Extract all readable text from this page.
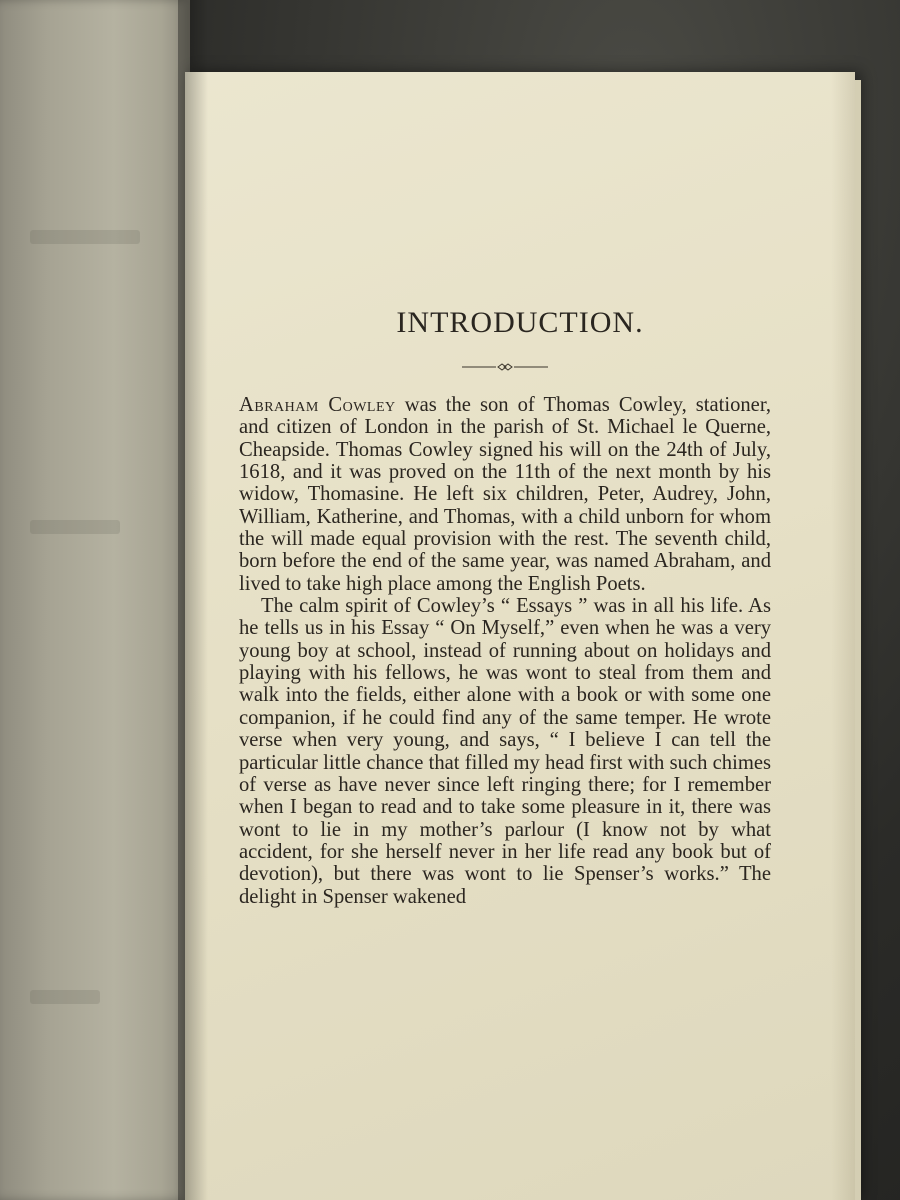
INTRODUCTION.

Abraham Cowley was the son of Thomas Cowley, stationer, and citizen of London in the parish of St. Michael le Querne, Cheapside. Thomas Cowley signed his will on the 24th of July, 1618, and it was proved on the 11th of the next month by his widow, Thomasine. He left six children, Peter, Audrey, John, William, Katherine, and Thomas, with a child unborn for whom the will made equal provision with the rest. The seventh child, born before the end of the same year, was named Abraham, and lived to take high place among the English Poets.

The calm spirit of Cowley’s “ Essays ” was in all his life. As he tells us in his Essay “ On Myself,” even when he was a very young boy at school, instead of running about on holidays and playing with his fellows, he was wont to steal from them and walk into the fields, either alone with a book or with some one companion, if he could find any of the same temper. He wrote verse when very young, and says, “ I believe I can tell the particular little chance that filled my head first with such chimes of verse as have never since left ringing there; for I remember when I began to read and to take some pleasure in it, there was wont to lie in my mother’s parlour (I know not by what accident, for she herself never in her life read any book but of devotion), but there was wont to lie Spenser’s works.” The delight in Spenser wakened
